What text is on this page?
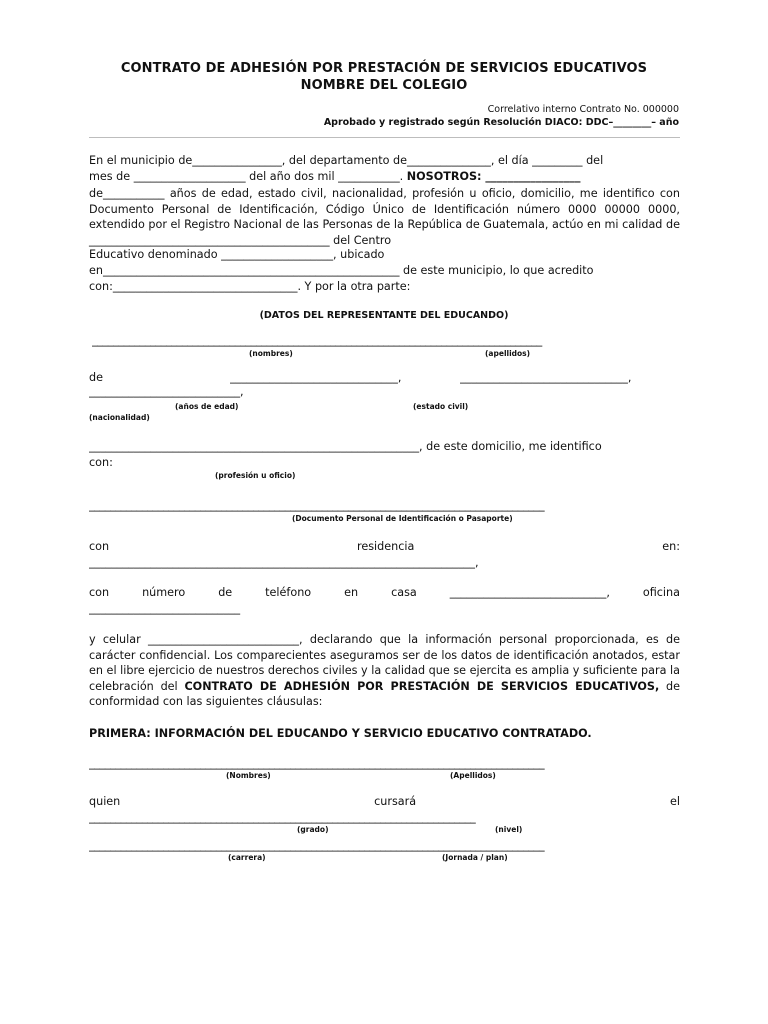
CONTRATO DE ADHESIÓN POR PRESTACIÓN DE SERVICIOS EDUCATIVOS
NOMBRE DEL COLEGIO
Correlativo interno Contrato No. 000000
Aprobado y registrado según Resolución DIACO: DDC–________– año
En el municipio de________________, del departamento de_______________, el día _________ del
mes de ____________________ del año dos mil ___________. NOSOTROS: _________________
de___________ años de edad, estado civil, nacionalidad, profesión u oficio, domicilio, me identifico con Documento Personal de Identificación, Código Único de Identificación número 0000 00000 0000, extendido por el Registro Nacional de las Personas de la República de Guatemala, actúo en mi calidad de ___________________________________________ del Centro
Educativo denominado ____________________, ubicado
en_____________________________________________________ de este municipio, lo que acredito
con:_________________________________. Y por la otra parte:
(DATOS DEL REPRESENTANTE DEL EDUCANDO)
_____________________________________________________________________________________
(nombres)	(apellidos)
de	______________________________,	______________________________,
___________________________,
(años de edad)	(estado civil)
(nacionalidad)
___________________________________________________________, de este domicilio, me identifico
con:
(profesión u oficio)
______________________________________________________________________________________
(Documento Personal de Identificación o Pasaporte)
con	residencia	en:
_____________________________________________________________________,
con	número	de	teléfono	en	casa	____________________________,	oficina
___________________________
y celular ___________________________, declarando que la información personal proporcionada, es de carácter confidencial. Los comparecientes aseguramos ser de los datos de identificación anotados, estar en el libre ejercicio de nuestros derechos civiles y la calidad que se ejercita es amplia y suficiente para la celebración del CONTRATO DE ADHESIÓN POR PRESTACIÓN DE SERVICIOS EDUCATIVOS, de conformidad con las siguientes cláusulas:
PRIMERA: INFORMACIÓN DEL EDUCANDO Y SERVICIO EDUCATIVO CONTRATADO.
______________________________________________________________________________________
(Nombres)	(Apellidos)
quien	cursará	el
_________________________________________________________________________
(grado)	(nivel)
______________________________________________________________________________________
(carrera)	(Jornada / plan)
